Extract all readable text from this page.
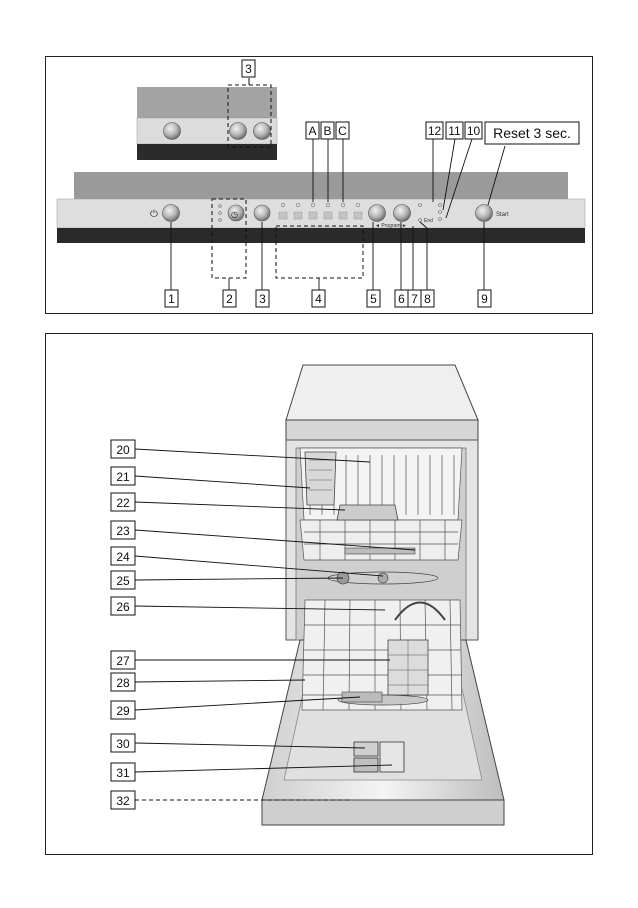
⏻	◷
◄ Program ►
End
Start
3
A B C	12 11 10 Reset 3 sec.
1	2 3	4	5 6 7 8	9
20
21
22
23
24
25
26
27
28
29
30
31
32
